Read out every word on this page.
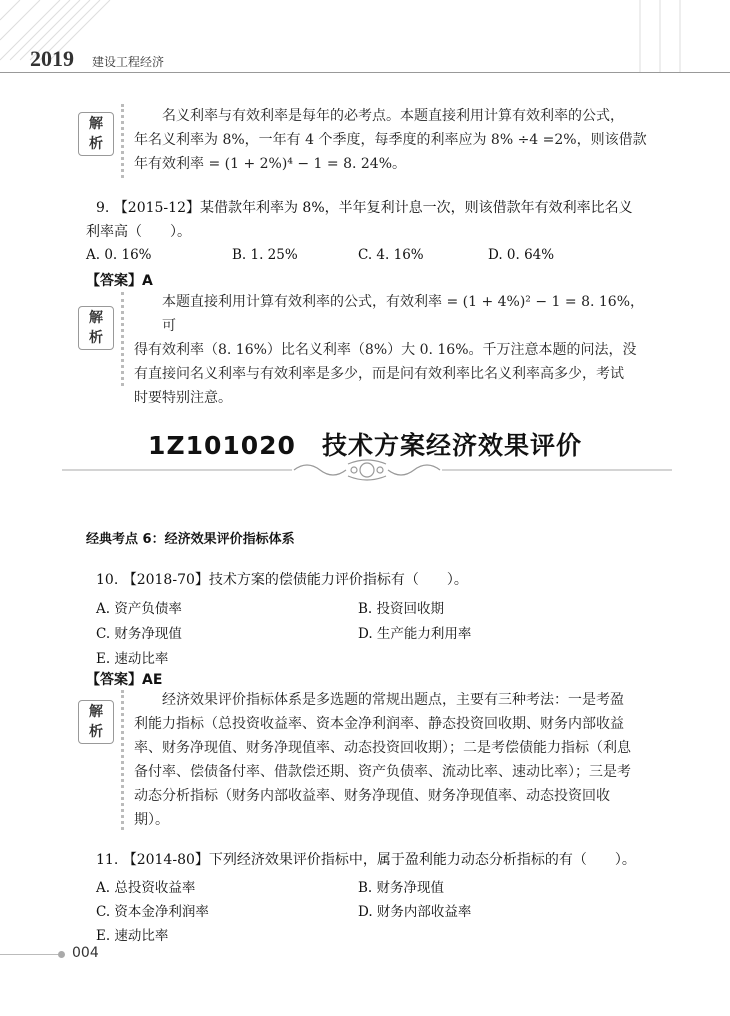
2019 建设工程经济
解
析
名义利率与有效利率是每年的必考点。本题直接利用计算有效利率的公式，
年名义利率为 8%，一年有 4 个季度，每季度的利率应为 8% ÷4 =2%，则该借款
年有效利率 = (1 + 2%)⁴ − 1 = 8. 24%。
9. 【2015-12】某借款年利率为 8%，半年复利计息一次，则该借款年有效利率比名义
利率高（　　）。
A. 0. 16%	B. 1. 25%	C. 4. 16%	D. 0. 64%
【答案】A
解
析
本题直接利用计算有效利率的公式，有效利率 = (1 + 4%)² − 1 = 8. 16%，可
得有效利率（8. 16%）比名义利率（8%）大 0. 16%。千万注意本题的问法，没
有直接问名义利率与有效利率是多少，而是问有效利率比名义利率高多少，考试
时要特别注意。
1Z101020　技术方案经济效果评价
经典考点 6：经济效果评价指标体系
10. 【2018-70】技术方案的偿债能力评价指标有（　　）。
A. 资产负债率	B. 投资回收期
C. 财务净现值	D. 生产能力利用率
E. 速动比率
【答案】AE
解
析
经济效果评价指标体系是多选题的常规出题点，主要有三种考法：一是考盈
利能力指标（总投资收益率、资本金净利润率、静态投资回收期、财务内部收益
率、财务净现值、财务净现值率、动态投资回收期）；二是考偿债能力指标（利息
备付率、偿债备付率、借款偿还期、资产负债率、流动比率、速动比率）；三是考
动态分析指标（财务内部收益率、财务净现值、财务净现值率、动态投资回收
期）。
11. 【2014-80】下列经济效果评价指标中，属于盈利能力动态分析指标的有（　　）。
A. 总投资收益率	B. 财务净现值
C. 资本金净利润率	D. 财务内部收益率
E. 速动比率
004
